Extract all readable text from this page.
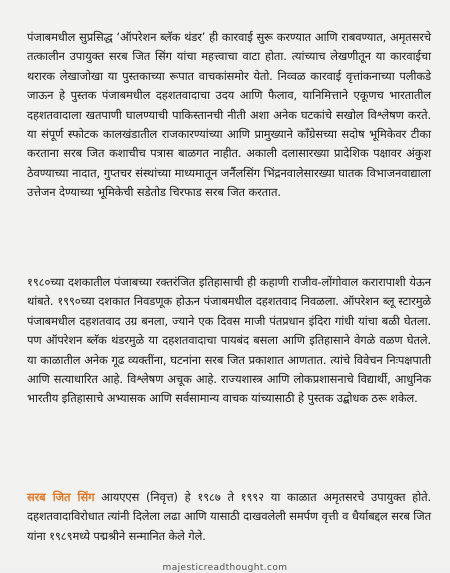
पंजाबमधील सुप्रसिद्ध ‘ऑपरेशन ब्लॅक थंडर’ ही कारवाई सुरू करण्यात आणि राबवण्यात, अमृतसरचे तत्कालीन उपायुक्त सरब जित सिंग यांचा महत्त्वाचा वाटा होता. त्यांच्याच लेखणीतून या कारवाईचा थरारक लेखाजोखा या पुस्तकाच्या रूपात वाचकांसमोर येतो. निव्वळ कारवाई वृत्तांकनाच्या पलीकडे जाऊन हे पुस्तक पंजाबमधील दहशतवादाचा उदय आणि फैलाव, यानिमित्ताने एकूणच भारतातील दहशतवादाला खतपाणी घालण्याची पाकिस्तानची नीती अशा अनेक घटकांचे सखोल विश्लेषण करते. या संपूर्ण स्फोटक कालखंडातील राजकारण्यांच्या आणि प्रामुख्याने काँग्रेसच्या सदोष भूमिकेवर टीका करताना सरब जित कशाचीच पत्रास बाळगत नाहीत. अकाली दलासारख्या प्रादेशिक पक्षावर अंकुश ठेवण्याच्या नादात, गुप्तचर संस्थांच्या माध्यमातून जर्नैलसिंग भिंद्रनवालेसारख्या घातक विभाजनवाद्याला उत्तेजन देण्याच्या भूमिकेची सडेतोड चिरफाड सरब जित करतात.

१९८०च्या दशकातील पंजाबच्या रक्तरंजित इतिहासाची ही कहाणी राजीव-लोंगोवाल करारापाशी येऊन थांबते. १९९०च्या दशकात निवडणूक होऊन पंजाबमधील दहशतवाद निवळला. ऑपरेशन ब्लू स्टारमुळे पंजाबमधील दहशतवाद उग्र बनला, ज्याने एक दिवस माजी पंतप्रधान इंदिरा गांधी यांचा बळी घेतला. पण ऑपरेशन ब्लॅक थंडरमुळे या दहशतवादाचा पायबंद बसला आणि इतिहासाने वेगळे वळण घेतले. या काळातील अनेक गूढ व्यक्तींना, घटनांना सरब जित प्रकाशात आणतात. त्यांचे विवेचन निःपक्षपाती आणि सत्याधारित आहे. विश्लेषण अचूक आहे. राज्यशास्त्र आणि लोकप्रशासनाचे विद्यार्थी, आधुनिक भारतीय इतिहासाचे अभ्यासक आणि सर्वसामान्य वाचक यांच्यासाठी हे पुस्तक उद्बोधक ठरू शकेल.

सरब जित सिंग आयएएस (निवृत्त) हे १९८७ ते १९९२ या काळात अमृतसरचे उपायुक्त होते. दहशतवादाविरोधात त्यांनी दिलेला लढा आणि यासाठी दाखवलेली समर्पण वृत्ती व धैर्याबद्दल सरब जित यांना १९८९मध्ये पद्मश्रीने सन्मानित केले गेले.

majesticreadthought.com
